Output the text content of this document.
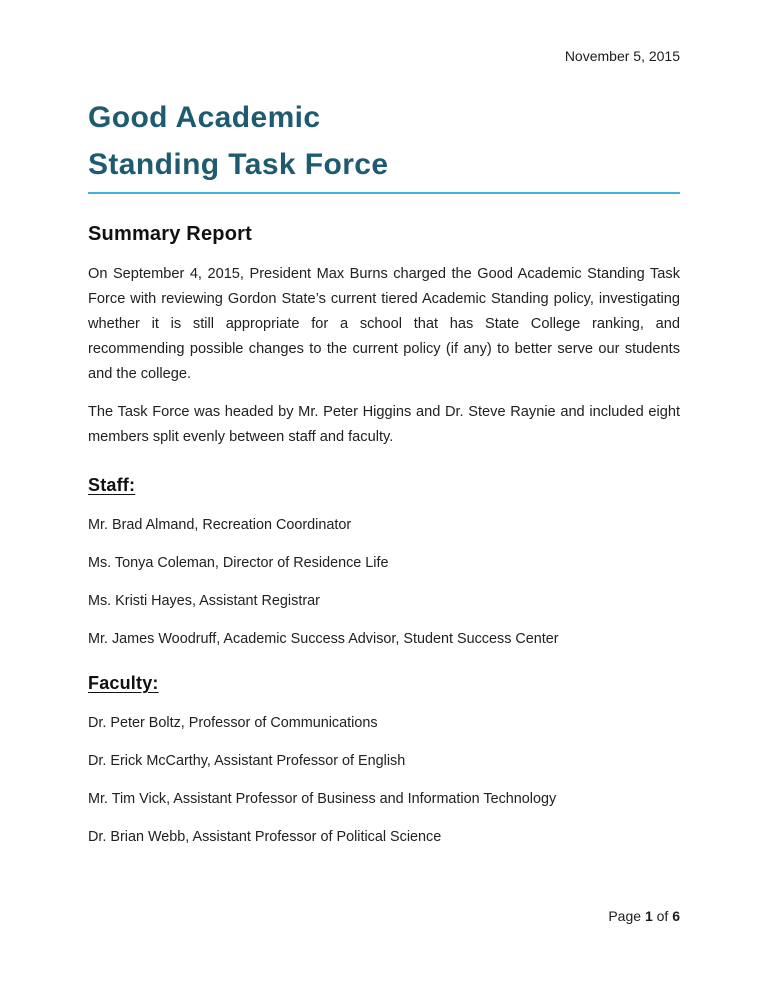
November 5, 2015
Good Academic
Standing Task Force
Summary Report

On September 4, 2015, President Max Burns charged the Good Academic Standing Task Force with reviewing Gordon State’s current tiered Academic Standing policy, investigating whether it is still appropriate for a school that has State College ranking, and recommending possible changes to the current policy (if any) to better serve our students and the college.

The Task Force was headed by Mr. Peter Higgins and Dr. Steve Raynie and included eight members split evenly between staff and faculty.

Staff:

Mr. Brad Almand, Recreation Coordinator

Ms. Tonya Coleman, Director of Residence Life

Ms. Kristi Hayes, Assistant Registrar

Mr. James Woodruff, Academic Success Advisor, Student Success Center

Faculty:

Dr. Peter Boltz, Professor of Communications

Dr. Erick McCarthy, Assistant Professor of English

Mr. Tim Vick, Assistant Professor of Business and Information Technology

Dr. Brian Webb, Assistant Professor of Political Science

Page 1 of 6
